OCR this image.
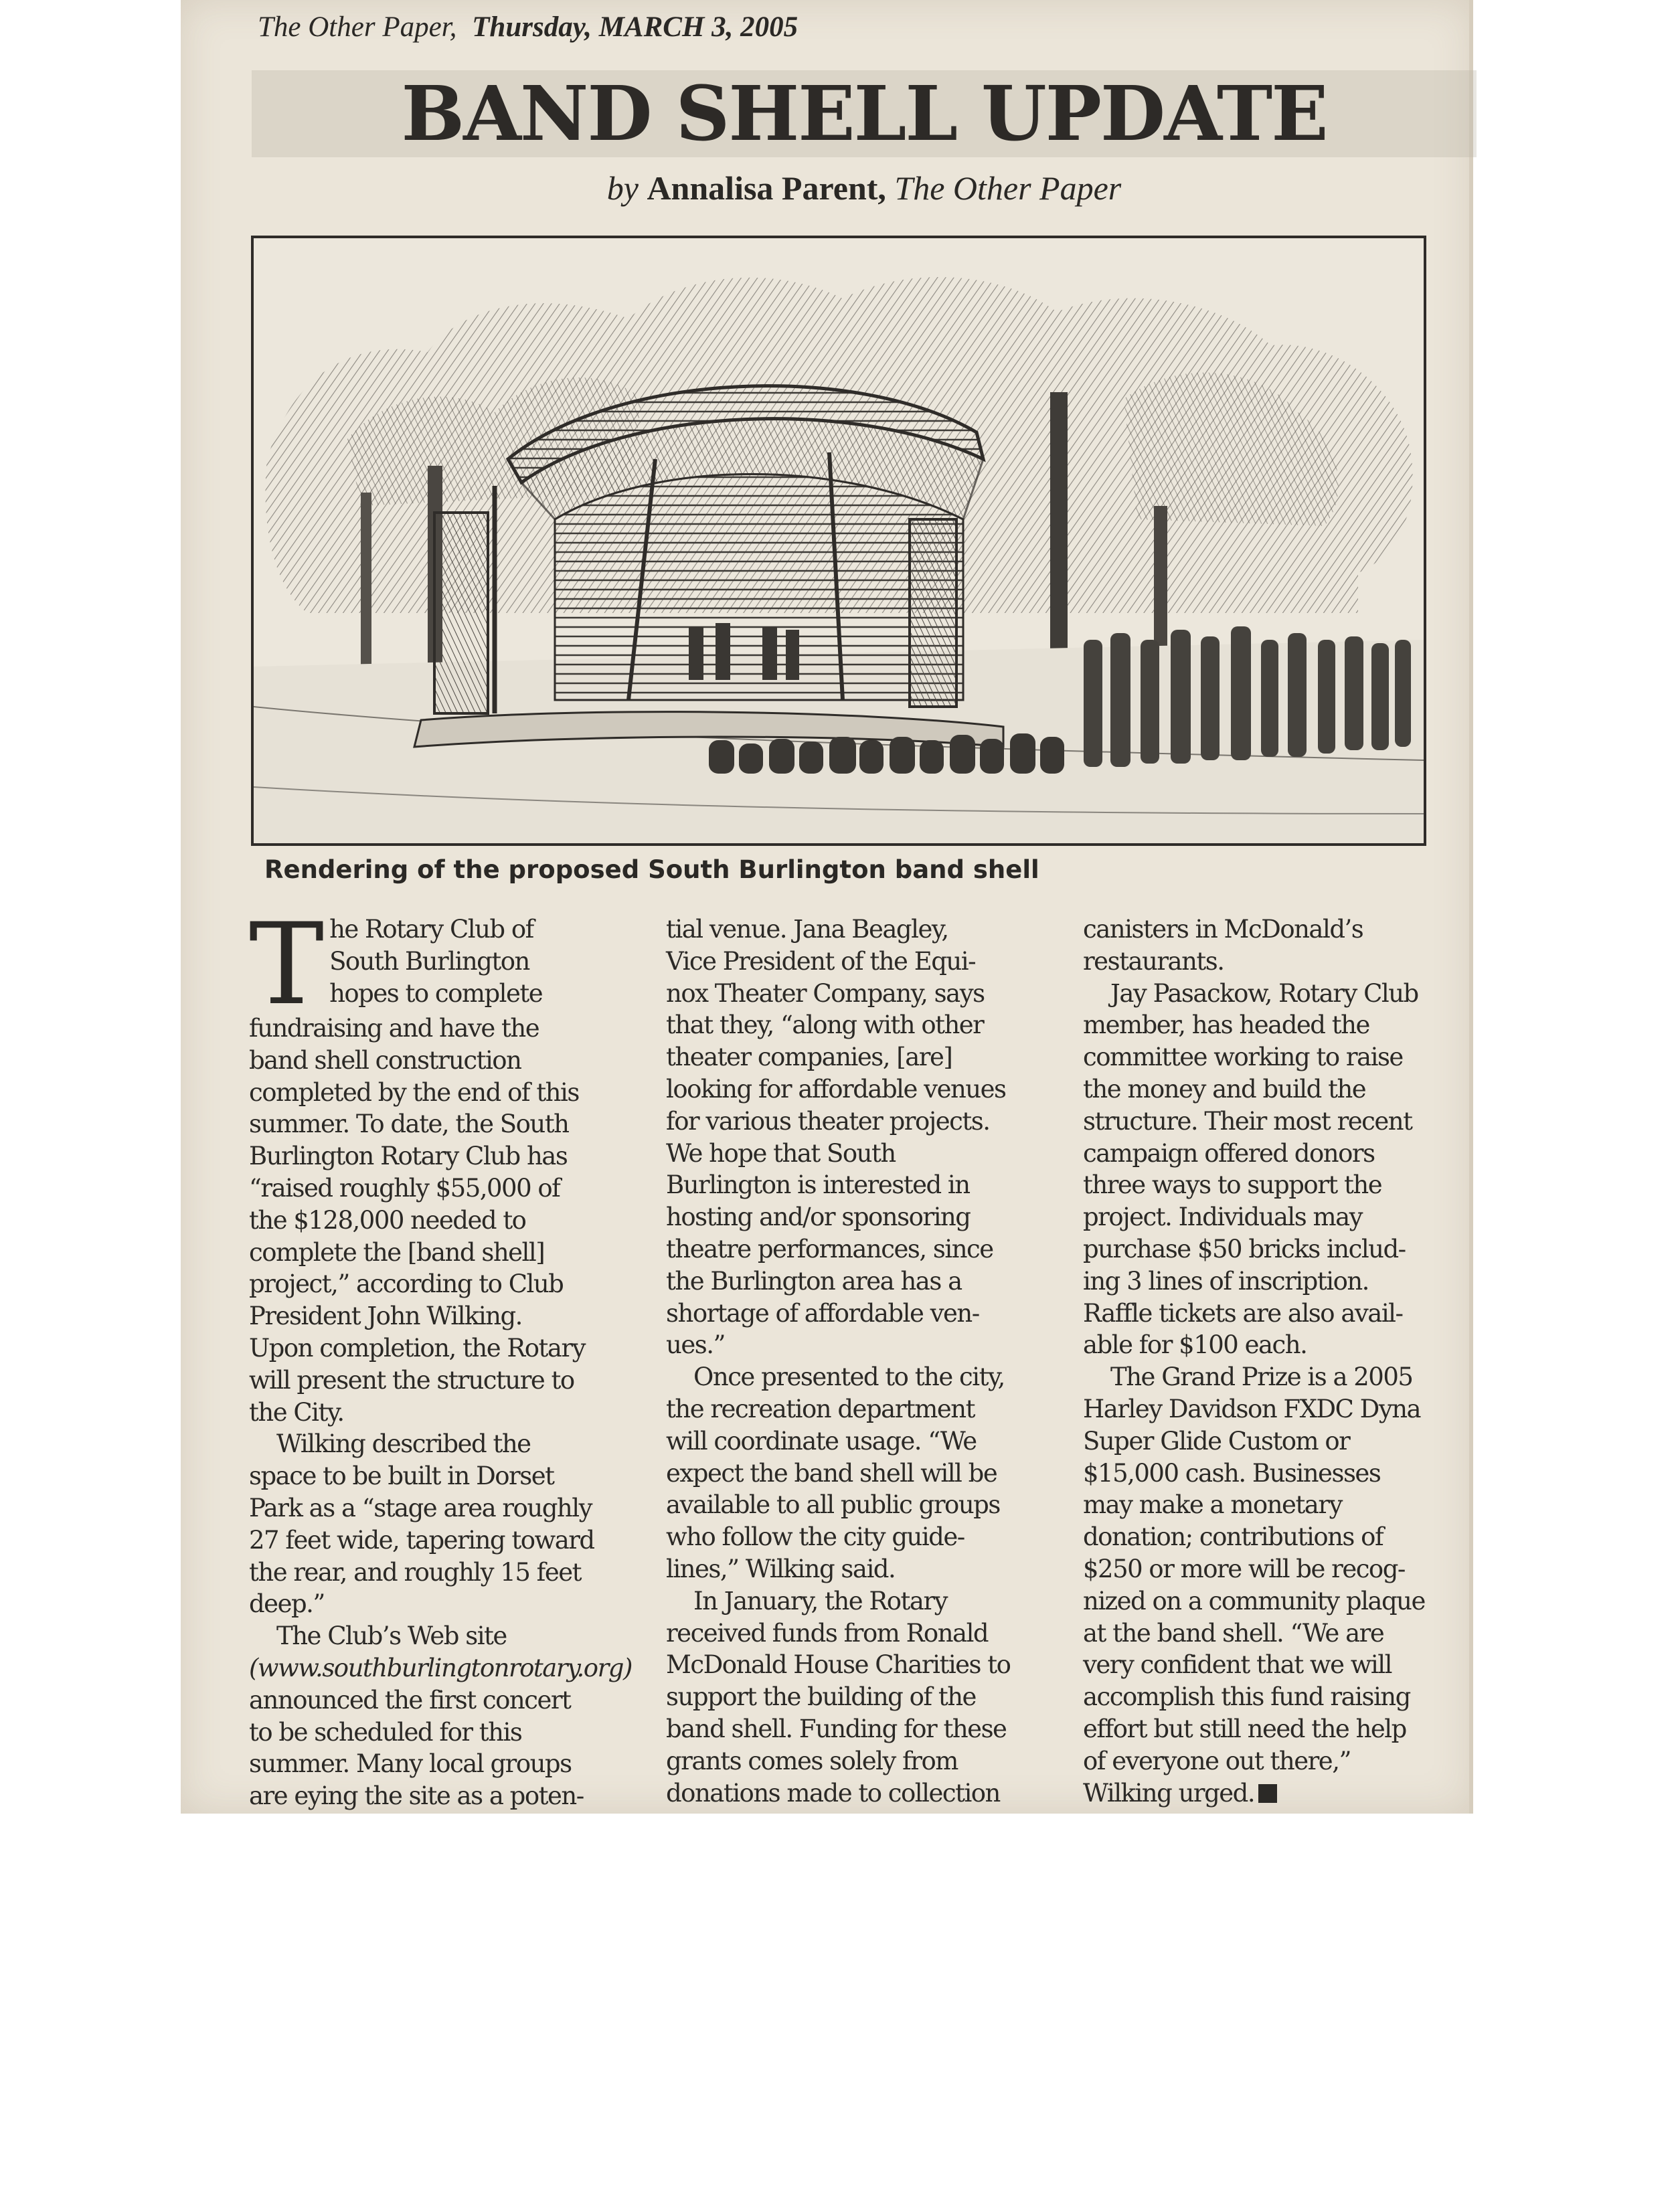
The Other Paper, Thursday, MARCH 3, 2005
BAND SHELL UPDATE
by Annalisa Parent, The Other Paper
Rendering of the proposed South Burlington band shell
T he Rotary Club of
South Burlington
hopes to complete
fundraising and have the
band shell construction
completed by the end of this
summer. To date, the South
Burlington Rotary Club has
“raised roughly $55,000 of
the $128,000 needed to
complete the [band shell]
project,” according to Club
President John Wilking.
Upon completion, the Rotary
will present the structure to
the City.
Wilking described the
space to be built in Dorset
Park as a “stage area roughly
27 feet wide, tapering toward
the rear, and roughly 15 feet
deep.”
The Club’s Web site
(www.southburlingtonrotary.org)
announced the first concert
to be scheduled for this
summer. Many local groups
are eying the site as a poten-
tial venue. Jana Beagley,
Vice President of the Equi-
nox Theater Company, says
that they, “along with other
theater companies, [are]
looking for affordable venues
for various theater projects.
We hope that South
Burlington is interested in
hosting and/or sponsoring
theatre performances, since
the Burlington area has a
shortage of affordable ven-
ues.”
Once presented to the city,
the recreation department
will coordinate usage. “We
expect the band shell will be
available to all public groups
who follow the city guide-
lines,” Wilking said.
In January, the Rotary
received funds from Ronald
McDonald House Charities to
support the building of the
band shell. Funding for these
grants comes solely from
donations made to collection
canisters in McDonald’s
restaurants.
Jay Pasackow, Rotary Club
member, has headed the
committee working to raise
the money and build the
structure. Their most recent
campaign offered donors
three ways to support the
project. Individuals may
purchase $50 bricks includ-
ing 3 lines of inscription.
Raffle tickets are also avail-
able for $100 each.
The Grand Prize is a 2005
Harley Davidson FXDC Dyna
Super Glide Custom or
$15,000 cash. Businesses
may make a monetary
donation; contributions of
$250 or more will be recog-
nized on a community plaque
at the band shell. “We are
very confident that we will
accomplish this fund raising
effort but still need the help
of everyone out there,”
Wilking urged.
